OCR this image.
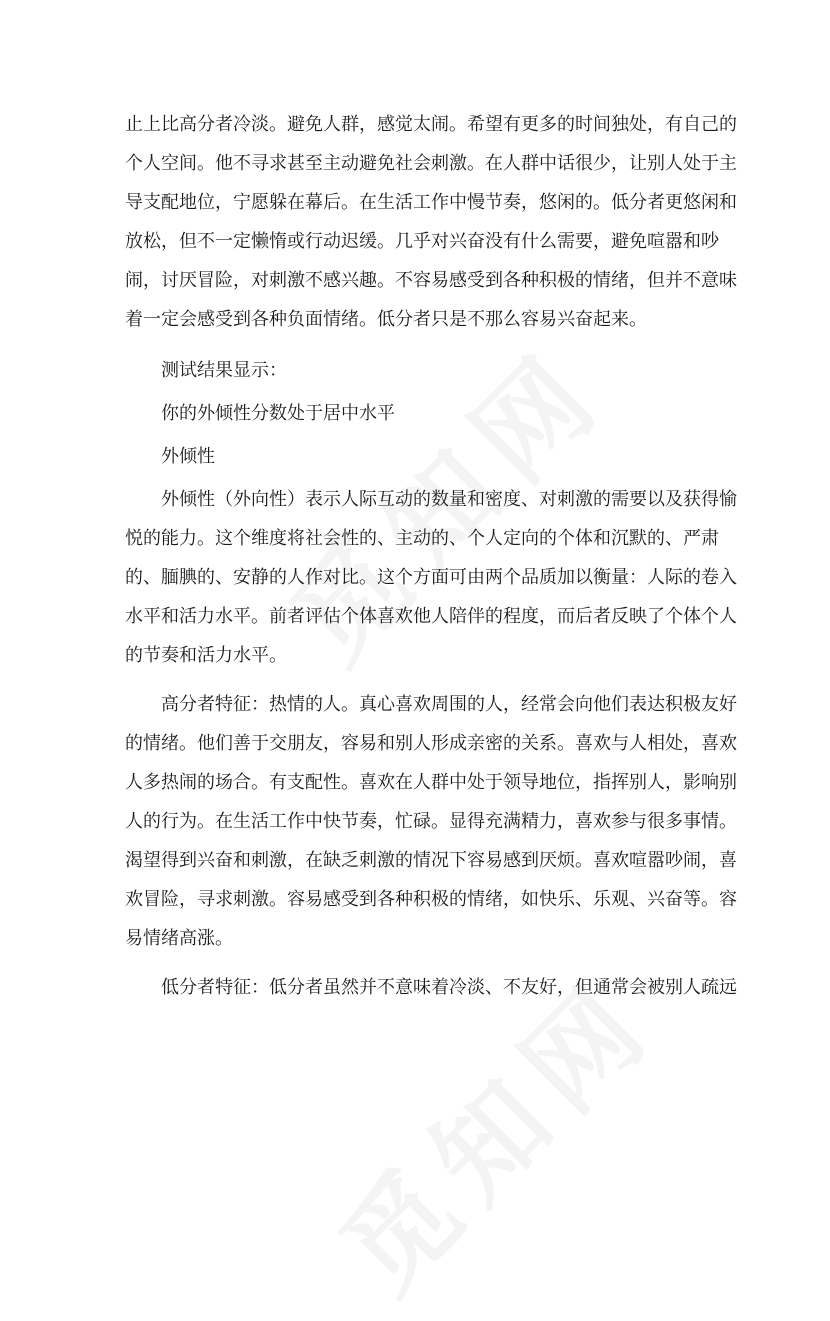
止上比高分者冷淡。避免人群，感觉太闹。希望有更多的时间独处，有自己的
个人空间。他不寻求甚至主动避免社会刺激。在人群中话很少，让别人处于主
导支配地位，宁愿躲在幕后。在生活工作中慢节奏，悠闲的。低分者更悠闲和
放松，但不一定懒惰或行动迟缓。几乎对兴奋没有什么需要，避免喧嚣和吵
闹，讨厌冒险，对刺激不感兴趣。不容易感受到各种积极的情绪，但并不意味
着一定会感受到各种负面情绪。低分者只是不那么容易兴奋起来。
测试结果显示：
你的外倾性分数处于居中水平
外倾性
外倾性（外向性）表示人际互动的数量和密度、对刺激的需要以及获得愉
悦的能力。这个维度将社会性的、主动的、个人定向的个体和沉默的、严肃
的、腼腆的、安静的人作对比。这个方面可由两个品质加以衡量：人际的卷入
水平和活力水平。前者评估个体喜欢他人陪伴的程度，而后者反映了个体个人
的节奏和活力水平。
高分者特征：热情的人。真心喜欢周围的人，经常会向他们表达积极友好
的情绪。他们善于交朋友，容易和别人形成亲密的关系。喜欢与人相处，喜欢
人多热闹的场合。有支配性。喜欢在人群中处于领导地位，指挥别人，影响别
人的行为。在生活工作中快节奏，忙碌。显得充满精力，喜欢参与很多事情。
渴望得到兴奋和刺激，在缺乏刺激的情况下容易感到厌烦。喜欢喧嚣吵闹，喜
欢冒险，寻求刺激。容易感受到各种积极的情绪，如快乐、乐观、兴奋等。容
易情绪高涨。
低分者特征：低分者虽然并不意味着冷淡、不友好，但通常会被别人疏远
